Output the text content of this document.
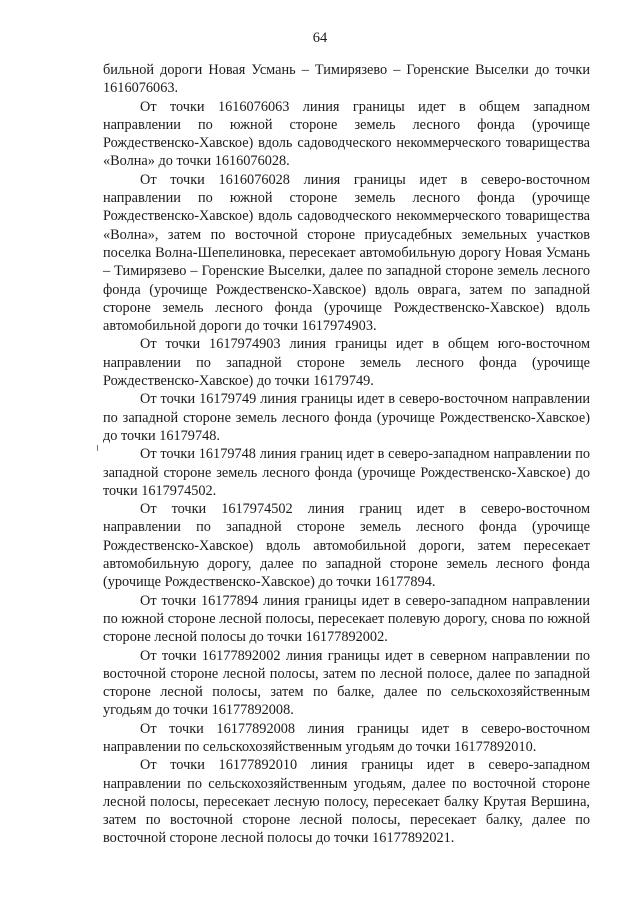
64

бильной дороги Новая Усмань – Тимирязево – Горенские Выселки до точки 1616076063.

От точки 1616076063 линия границы идет в общем западном направлении по южной стороне земель лесного фонда (урочище Рождественско-Хавское) вдоль садоводческого некоммерческого товарищества «Волна» до точки 1616076028.

От точки 1616076028 линия границы идет в северо-восточном направлении по южной стороне земель лесного фонда (урочище Рождественско-Хавское) вдоль садоводческого некоммерческого товарищества «Волна», затем по восточной стороне приусадебных земельных участков поселка Волна-Шепелиновка, пересекает автомобильную дорогу Новая Усмань – Тимирязево – Горенские Выселки, далее по западной стороне земель лесного фонда (урочище Рождественско-Хавское) вдоль оврага, затем по западной стороне земель лесного фонда (урочище Рождественско-Хавское) вдоль автомобильной дороги до точки 1617974903.

От точки 1617974903 линия границы идет в общем юго-восточном направлении по западной стороне земель лесного фонда (урочище Рождественско-Хавское) до точки 16179749.

От точки 16179749 линия границы идет в северо-восточном направлении по западной стороне земель лесного фонда (урочище Рождественско-Хавское) до точки 16179748.

От точки 16179748 линия границ идет в северо-западном направлении по западной стороне земель лесного фонда (урочище Рождественско-Хавское) до точки 1617974502.

От точки 1617974502 линия границ идет в северо-восточном направлении по западной стороне земель лесного фонда (урочище Рождественско-Хавское) вдоль автомобильной дороги, затем пересекает автомобильную дорогу, далее по западной стороне земель лесного фонда (урочище Рождественско-Хавское) до точки 16177894.

От точки 16177894 линия границы идет в северо-западном направлении по южной стороне лесной полосы, пересекает полевую дорогу, снова по южной стороне лесной полосы до точки 16177892002.

От точки 16177892002 линия границы идет в северном направлении по восточной стороне лесной полосы, затем по лесной полосе, далее по западной стороне лесной полосы, затем по балке, далее по сельскохозяйственным угодьям до точки 16177892008.

От точки 16177892008 линия границы идет в северо-восточном направлении по сельскохозяйственным угодьям до точки 16177892010.

От точки 16177892010 линия границы идет в северо-западном направлении по сельскохозяйственным угодьям, далее по восточной стороне лесной полосы, пересекает лесную полосу, пересекает балку Крутая Вершина, затем по восточной стороне лесной полосы, пересекает балку, далее по восточной стороне лесной полосы до точки 16177892021.
